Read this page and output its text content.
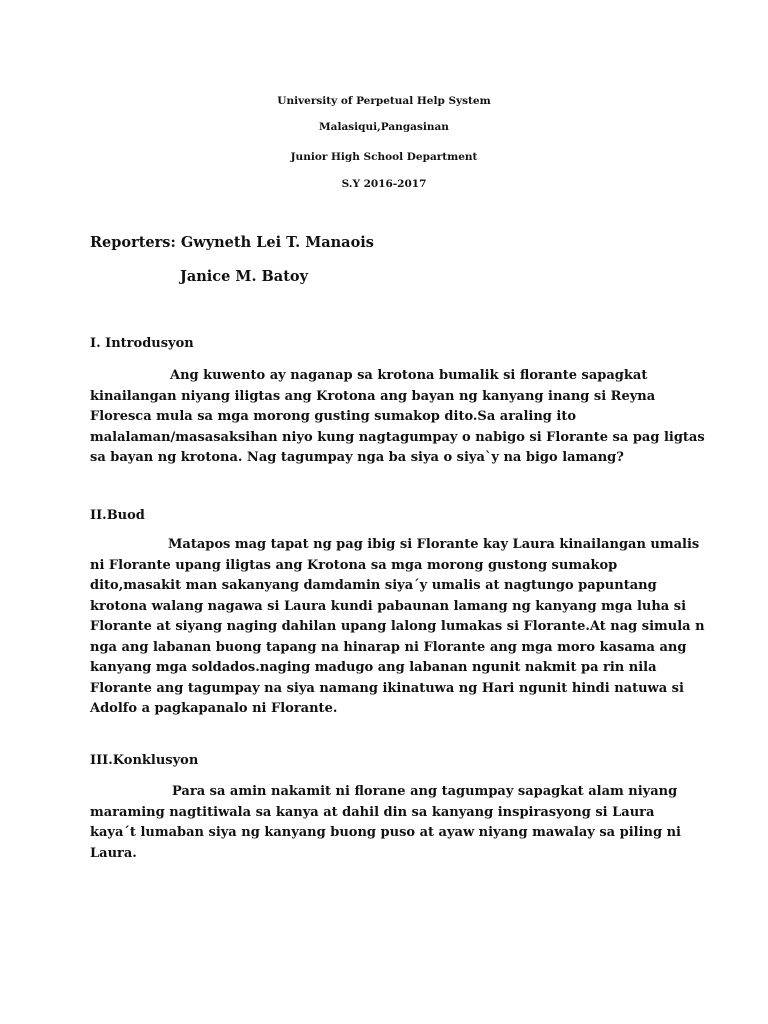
University of Perpetual Help System
Malasiqui,Pangasinan
Junior High School Department
S.Y 2016-2017
Reporters: Gwyneth Lei T. Manaois
Janice M. Batoy
I. Introdusyon
Ang kuwento ay naganap sa krotona bumalik si florante sapagkat
kinailangan niyang iligtas ang Krotona ang bayan ng kanyang inang si Reyna
Floresca mula sa mga morong gusting sumakop dito.Sa araling ito
malalaman/masasaksihan niyo kung nagtagumpay o nabigo si Florante sa pag ligtas
sa bayan ng krotona. Nag tagumpay nga ba siya o siya`y na bigo lamang?
II.Buod
Matapos mag tapat ng pag ibig si Florante kay Laura kinailangan umalis
ni Florante upang iligtas ang Krotona sa mga morong gustong sumakop
dito,masakit man sakanyang damdamin siya´y umalis at nagtungo papuntang
krotona walang nagawa si Laura kundi pabaunan lamang ng kanyang mga luha si
Florante at siyang naging dahilan upang lalong lumakas si Florante.At nag simula n
nga ang labanan buong tapang na hinarap ni Florante ang mga moro kasama ang
kanyang mga soldados.naging madugo ang labanan ngunit nakmit pa rin nila
Florante ang tagumpay na siya namang ikinatuwa ng Hari ngunit hindi natuwa si
Adolfo a pagkapanalo ni Florante.
III.Konklusyon
Para sa amin nakamit ni florane ang tagumpay sapagkat alam niyang
maraming nagtitiwala sa kanya at dahil din sa kanyang inspirasyong si Laura
kaya´t lumaban siya ng kanyang buong puso at ayaw niyang mawalay sa piling ni
Laura.
